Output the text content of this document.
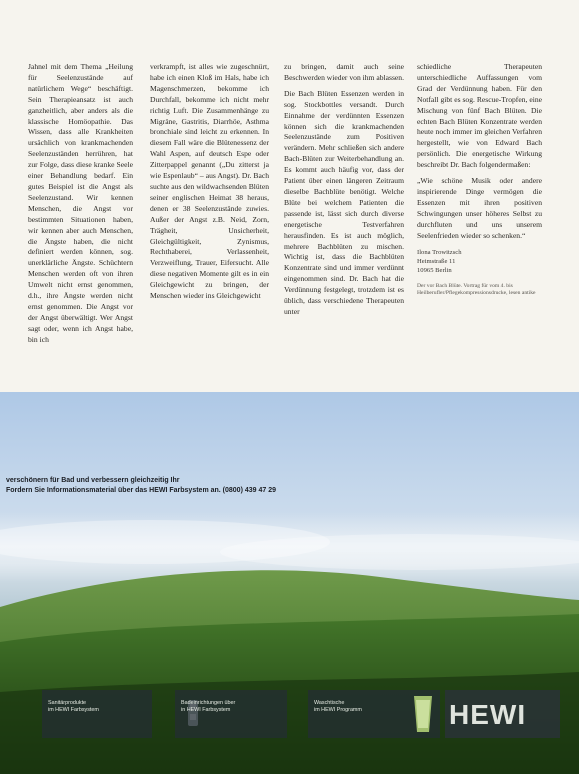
Jahnel mit dem Thema „Heilung für Seelenzustände auf natürlichem Wege“ beschäftigt. Sein Therapieansatz ist auch ganzheitlich, aber anders als die klassische Homöopathie. Das Wissen, dass alle Krankheiten ursächlich von krankmachenden Seelenzuständen herrühren, hat zur Folge, dass diese kranke Seele einer Behandlung bedarf. Ein gutes Beispiel ist die Angst als Seelenzustand. Wir kennen Menschen, die Angst vor bestimmten Situationen haben, wir kennen aber auch Menschen, die Ängste haben, die nicht definiert werden können, sog. unerklärliche Ängste. Schüchtern Menschen werden oft von ihren Umwelt nicht ernst genommen, d.h., ihre Ängste werden nicht ernst genommen. Die Angst vor der Angst überwältigt. Wer Angst sagt oder, wenn ich Angst habe, bin ich

verkrampft, ist alles wie zugeschnürt, habe ich einen Kloß im Hals, habe ich Magenschmerzen, bekomme ich Durchfall, bekomme ich nicht mehr richtig Luft. Die Zusammenhänge zu Migräne, Gastritis, Diarrhöe, Asthma bronchiale sind leicht zu erkennen. In diesem Fall wäre die Blütenessenz der Wahl Aspen, auf deutsch Espe oder Zitterpappel genannt („Du zitterst ja wie Espenlaub“ – aus Angst). Dr. Bach suchte aus den wildwachsenden Blüten seiner englischen Heimat 38 heraus, denen er 38 Seelenzustände zuwies. Außer der Angst z.B. Neid, Zorn, Trägheit, Unsicherheit, Gleichgültigkeit, Zynismus, Rechthaberei, Verlassenheit, Verzweiflung, Trauer, Eifersucht. Alle diese negativen Momente gilt es in ein Gleichgewicht zu bringen, der Menschen wieder ins Gleichgewicht

zu bringen, damit auch seine Beschwerden wieder von ihm ablassen.

Die Bach Blüten Essenzen werden in sog. Stockbottles versandt. Durch Einnahme der verdünnten Essenzen können sich die krankmachenden Seelenzustände zum Positiven verändern. Mehr schließen sich andere Bach-Blüten zur Weiterbehandlung an. Es kommt auch häufig vor, dass der Patient über einen längeren Zeitraum dieselbe Bachblüte benötigt. Welche Blüte bei welchem Patienten die passende ist, lässt sich durch diverse energetische Testverfahren herausfinden. Es ist auch möglich, mehrere Bachblüten zu mischen. Wichtig ist, dass die Bachblüten Konzentrate sind und immer verdünnt eingenommen sind. Dr. Bach hat die Verdünnung festgelegt, trotzdem ist es üblich, dass verschiedene Therapeuten unter

schiedliche Therapeuten unterschiedliche Auffassungen vom Grad der Verdünnung haben. Für den Notfall gibt es sog. Rescue-Tropfen, eine Mischung von fünf Bach Blüten. Die echten Bach Blüten Konzentrate werden heute noch immer im gleichen Verfahren hergestellt, wie von Edward Bach persönlich. Die energetische Wirkung beschreibt Dr. Bach folgendermaßen:

„Wie schöne Musik oder andere inspirierende Dinge vermögen die Essenzen mit ihren positiven Schwingungen unser höheres Selbst zu durchfluten und uns unserem Seelenfrieden wieder so schenken.“

Ilona Trowitzsch
Heimstraße 11
10965 Berlin
Der vor Bach Blüte. Vortrag für vom 4. bis Heilberufler/Pflegekompressionsdrucke, lesen antike
verschönern für Bad und verbessern gleichzeitig Ihr
Fordern Sie Informationsmaterial über das HEWI Farbsystem an. (0800) 439 47 29
Sanitärprodukte
im HEWI Farbsystem
Badeinrichtungen über
in HEWI Farbsystem
Waschtische
im HEWI Programm	HEWI
